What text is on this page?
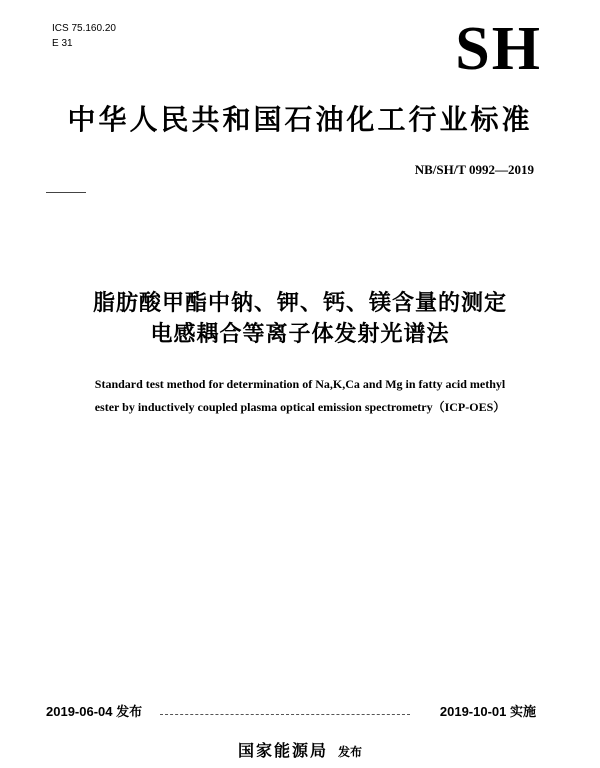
ICS 75.160.20
E 31	SH
中华人民共和国石油化工行业标准
NB/SH/T 0992—2019
脂肪酸甲酯中钠、钾、钙、镁含量的测定
电感耦合等离子体发射光谱法
Standard test method for determination of Na,K,Ca and Mg in fatty acid methyl
ester by inductively coupled plasma optical emission spectrometry（ICP-OES）
2019-06-04 发布	2019-10-01 实施
国家能源局 发布
